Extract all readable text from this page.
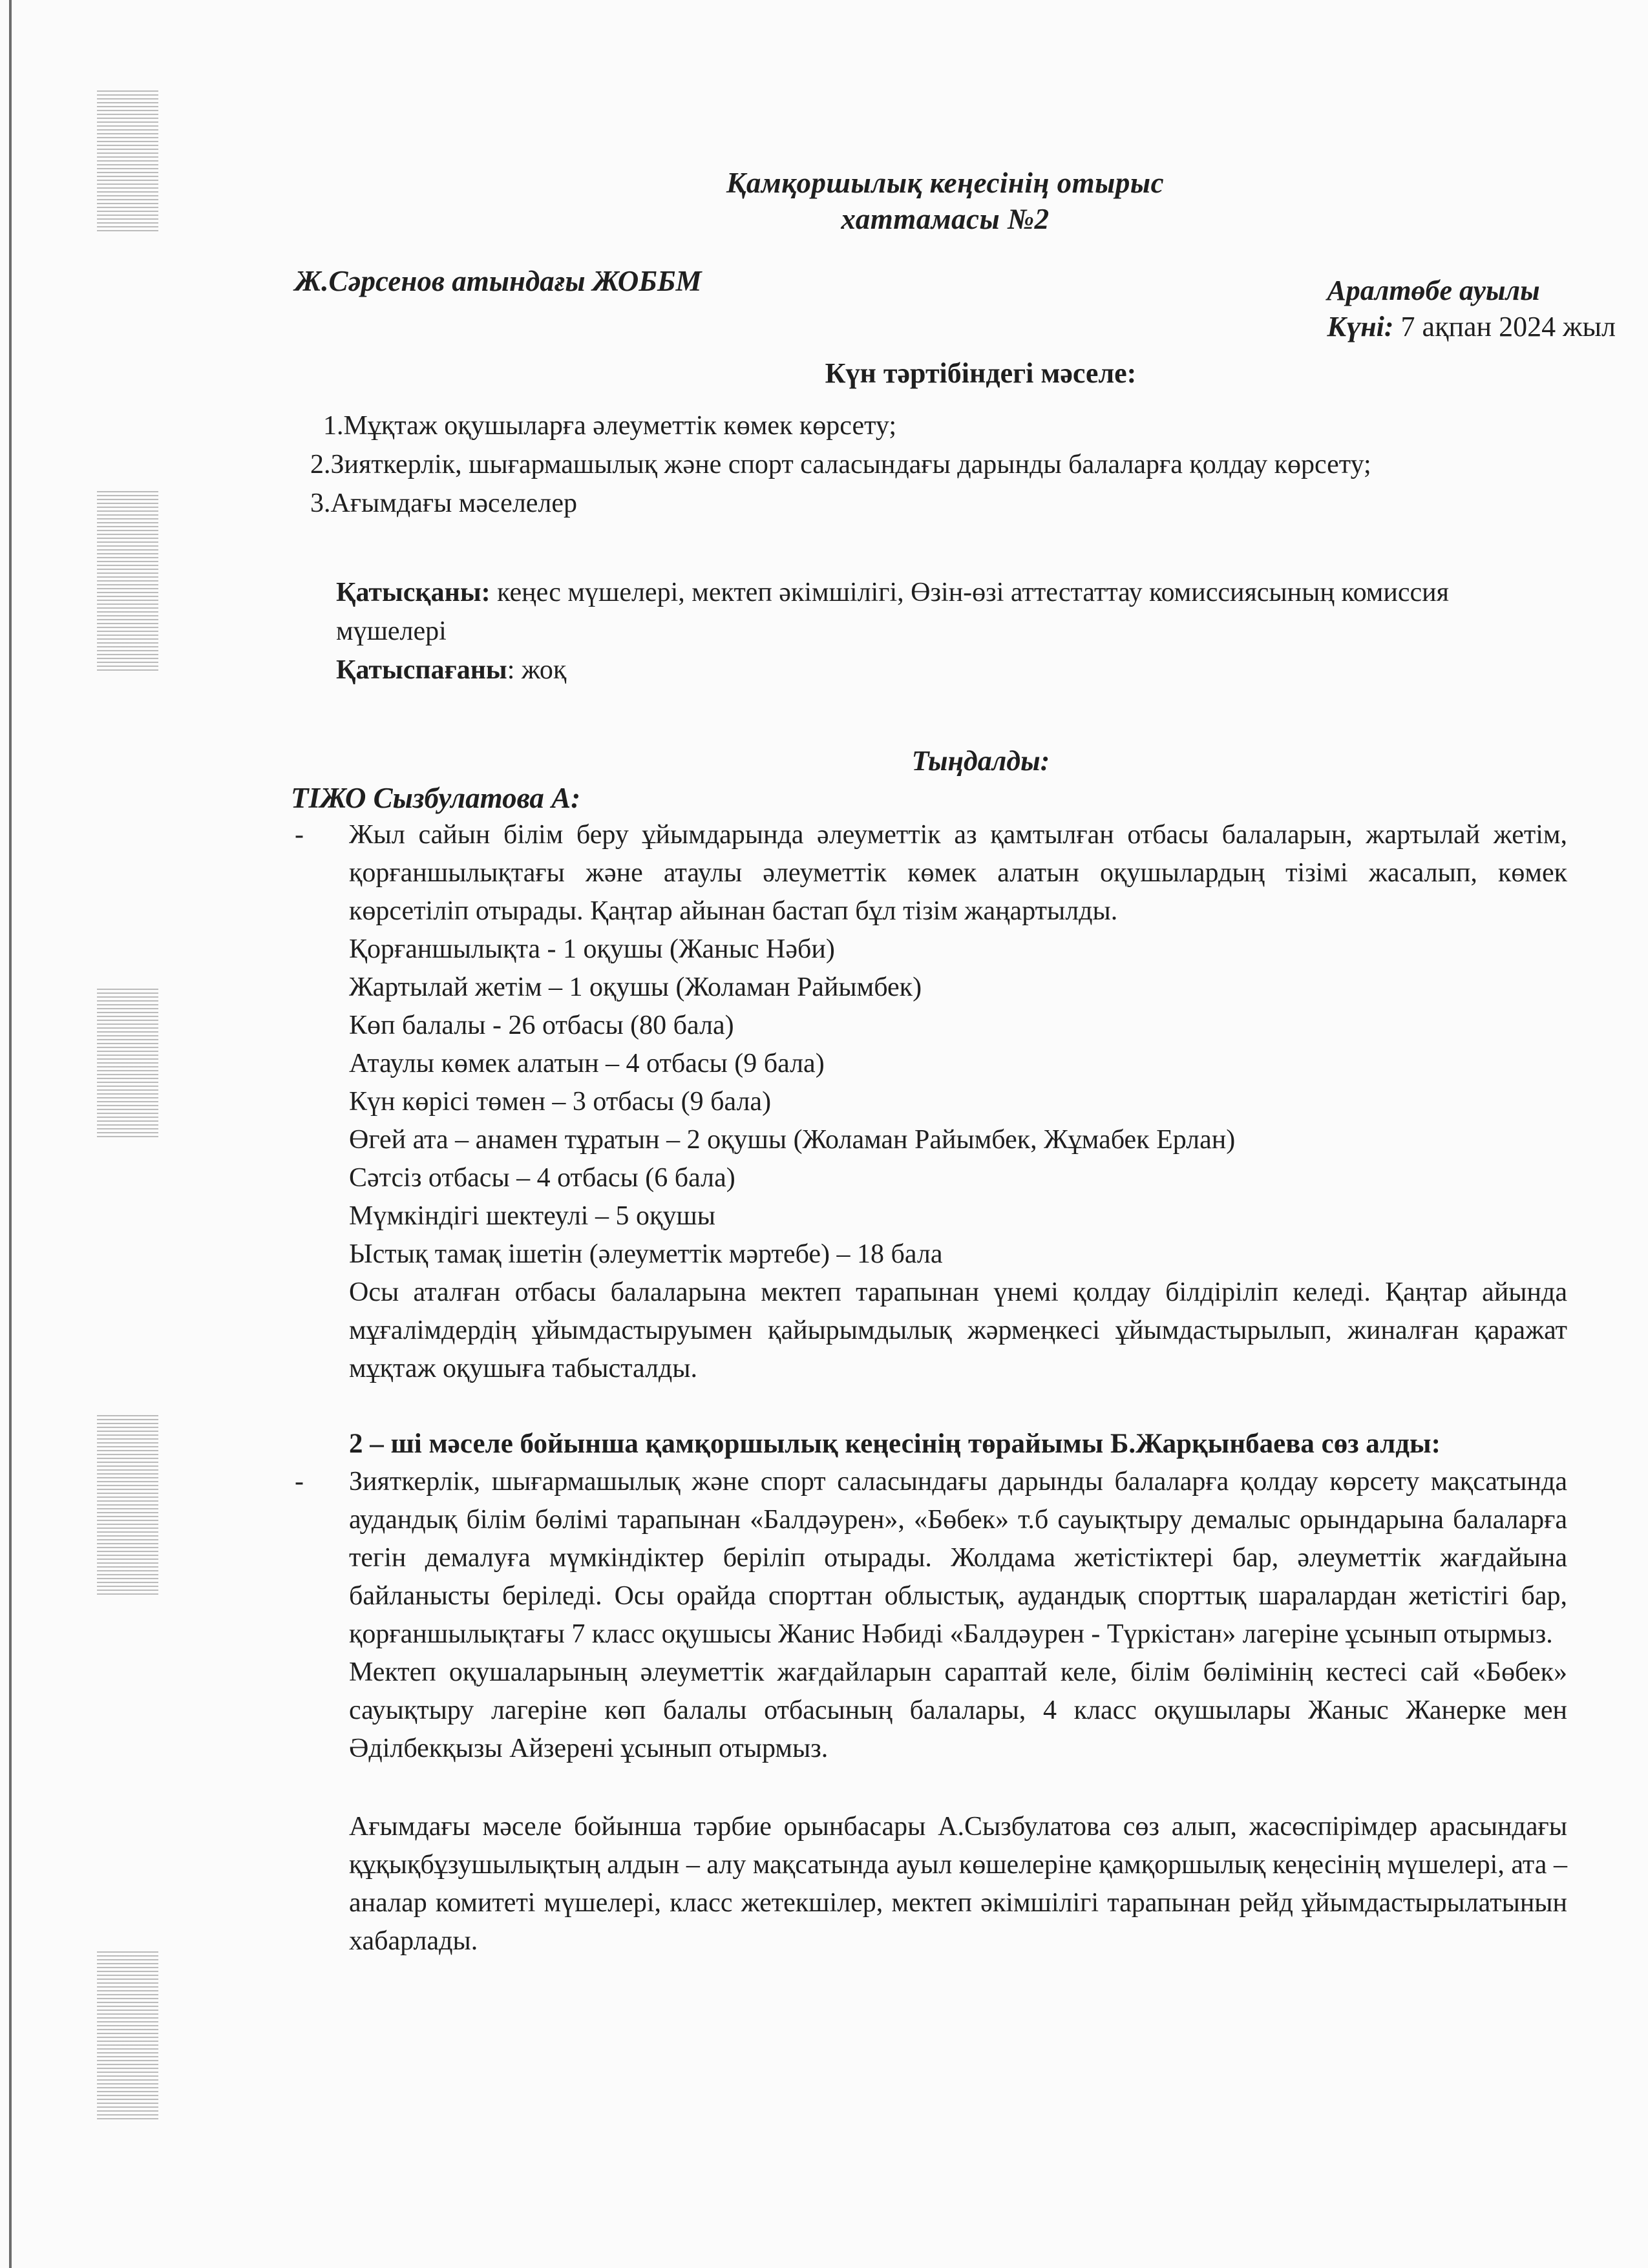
Қамқоршылық кеңесінің отырыс
хаттамасы №2
Ж.Сәрсенов атындағы ЖОББМ	Аралтөбе ауылы
Күні: 7 ақпан 2024 жыл
Күн тәртібіндегі мәселе:
1.Мұқтаж оқушыларға әлеуметтік көмек көрсету;
2.Зияткерлік, шығармашылық және спорт саласындағы дарынды балаларға қолдау көрсету;
3.Ағымдағы мәселелер
Қатысқаны: кеңес мүшелері, мектеп әкімшілігі, Өзін-өзі аттестаттау комиссиясының комиссия мүшелері
Қатыспағаны: жоқ
Тыңдалды:
ТІЖО Сызбулатова А:
- Жыл сайын білім беру ұйымдарында әлеуметтік аз қамтылған отбасы балаларын, жартылай жетім, қорғаншылықтағы және атаулы әлеуметтік көмек алатын оқушылардың тізімі жасалып, көмек көрсетіліп отырады. Қаңтар айынан бастап бұл тізім жаңартылды.
Қорғаншылықта - 1 оқушы (Жаныс Нәби)
Жартылай жетім – 1 оқушы (Жоламан Райымбек)
Көп балалы - 26 отбасы (80 бала)
Атаулы көмек алатын – 4 отбасы (9 бала)
Күн көрісі төмен – 3 отбасы (9 бала)
Өгей ата – анамен тұратын – 2 оқушы (Жоламан Райымбек, Жұмабек Ерлан)
Сәтсіз отбасы – 4 отбасы (6 бала)
Мүмкіндігі шектеулі – 5 оқушы
Ыстық тамақ ішетін (әлеуметтік мәртебе) – 18 бала
Осы аталған отбасы балаларына мектеп тарапынан үнемі қолдау білдіріліп келеді. Қаңтар айында мұғалімдердің ұйымдастыруымен қайырымдылық жәрмеңкесі ұйымдастырылып, жиналған қаражат мұқтаж оқушыға табысталды.
2 – ші мәселе бойынша қамқоршылық кеңесінің төрайымы Б.Жарқынбаева сөз алды:
- Зияткерлік, шығармашылық және спорт саласындағы дарынды балаларға қолдау көрсету мақсатында аудандық білім бөлімі тарапынан «Балдәурен», «Бөбек» т.б сауықтыру демалыс орындарына балаларға тегін демалуға мүмкіндіктер беріліп отырады. Жолдама жетістіктері бар, әлеуметтік жағдайына байланысты беріледі. Осы орайда спорттан облыстық, аудандық спорттық шаралардан жетістігі бар, қорғаншылықтағы 7 класс оқушысы Жанис Нәбиді «Балдәурен - Түркістан» лагеріне ұсынып отырмыз.
Мектеп оқушаларының әлеуметтік жағдайларын сараптай келе, білім бөлімінің кестесі сай «Бөбек» сауықтыру лагеріне көп балалы отбасының балалары, 4 класс оқушылары Жаныс Жанерке мен Әділбекқызы Айзерені ұсынып отырмыз.
Ағымдағы мәселе бойынша тәрбие орынбасары А.Сызбулатова сөз алып, жасөспірімдер арасындағы құқықбұзушылықтың алдын – алу мақсатында ауыл көшелеріне қамқоршылық кеңесінің мүшелері, ата – аналар комитеті мүшелері, класс жетекшілер, мектеп әкімшілігі тарапынан рейд ұйымдастырылатынын хабарлады.
